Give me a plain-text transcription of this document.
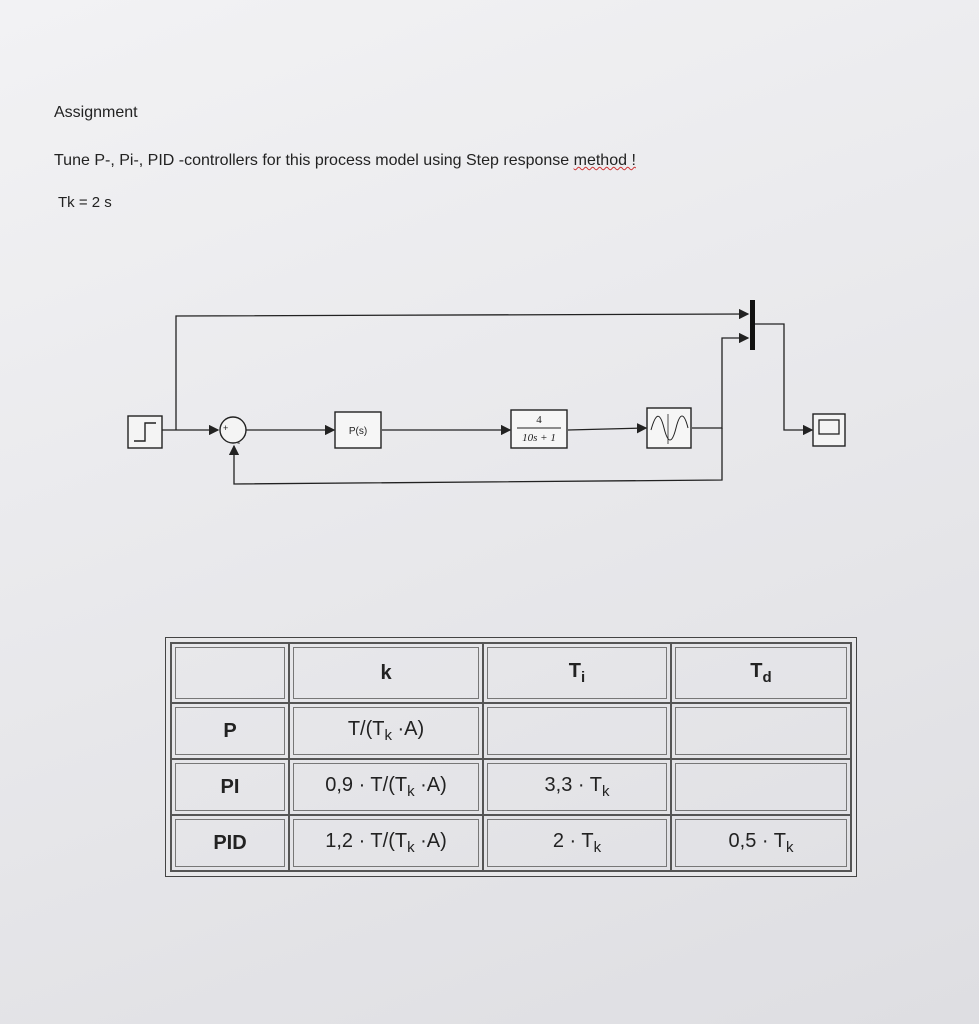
Assignment
Tune P-, Pi-, PID -controllers for this process model using Step response method !
Tk = 2 s
+
-
P(s)
4
10s + 1
	k	$T_i$	$T_d$
P	$T/(T_k \cdot A)$		
PI	$0,9 \cdot T/(T_k \cdot A)$	$3,3 \cdot T_k$	
PID	$1,2 \cdot T/(T_k \cdot A)$	$2 \cdot T_k$	$0,5 \cdot T_k$
